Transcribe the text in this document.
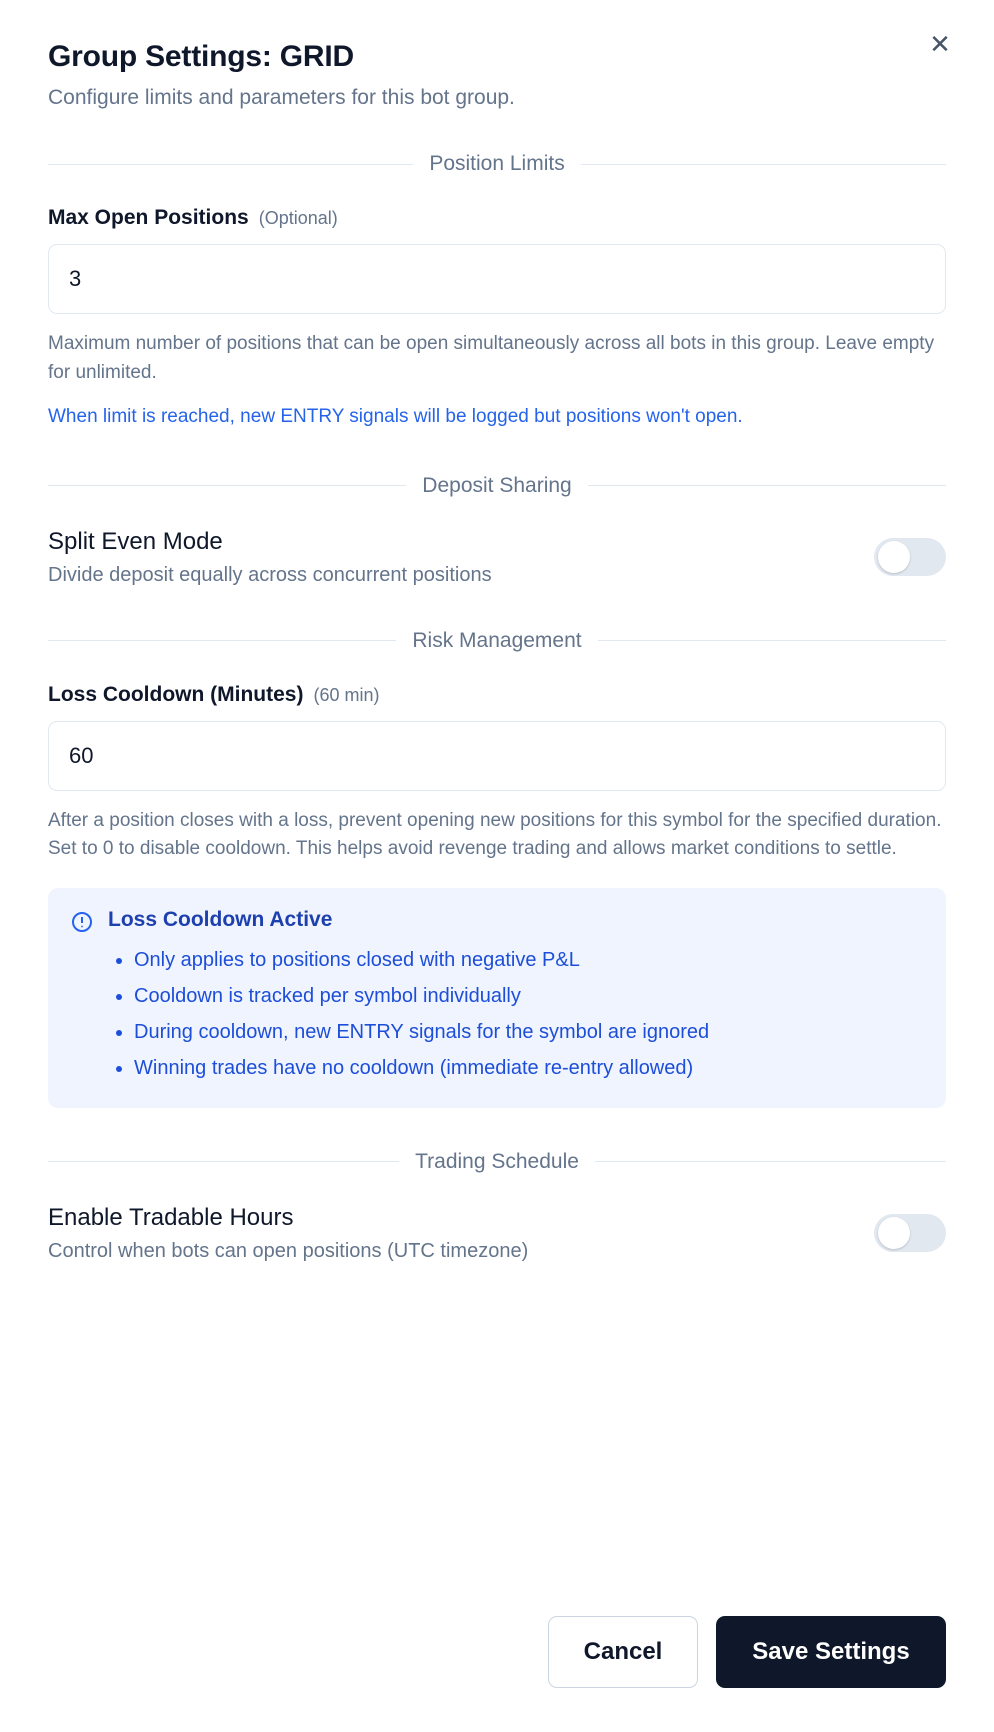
✕
Group Settings: GRID
Configure limits and parameters for this bot group.
Position Limits
Max Open Positions (Optional)
3
Maximum number of positions that can be open simultaneously across all bots in this group. Leave empty for unlimited.
When limit is reached, new ENTRY signals will be logged but positions won't open.
Deposit Sharing
Split Even Mode
Divide deposit equally across concurrent positions
Risk Management
Loss Cooldown (Minutes) (60 min)
60
After a position closes with a loss, prevent opening new positions for this symbol for the specified duration. Set to 0 to disable cooldown. This helps avoid revenge trading and allows market conditions to settle.
Loss Cooldown Active
• Only applies to positions closed with negative P&L
• Cooldown is tracked per symbol individually
• During cooldown, new ENTRY signals for the symbol are ignored
• Winning trades have no cooldown (immediate re-entry allowed)
Trading Schedule
Enable Tradable Hours
Control when bots can open positions (UTC timezone)
Cancel	Save Settings
